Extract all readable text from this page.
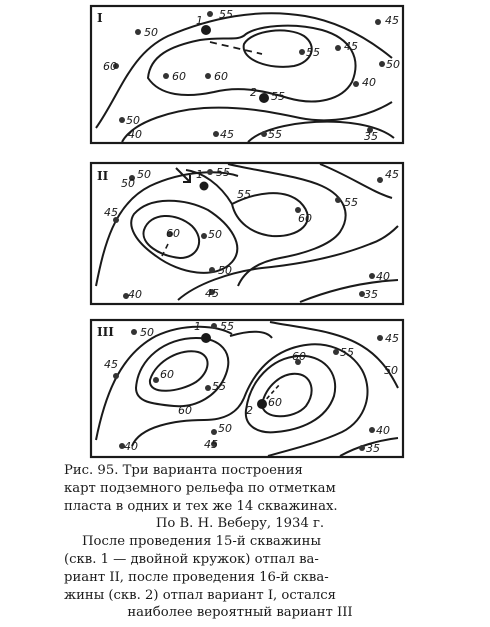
I
50
55	45
60
60
55 45
50
60
55
40
50
45	55	35
40
1
2
II	50	1 55	45
50
55
45
60
60
55
50
40	45
50
35
40
III 50	55
45
60
60	55
50
45
60
60
55
40	45
50
35
40
1
2
Рис. 95. Три варианта построения
карт подземного рельефа по отметкам
пласта в одних и тех же 14 скважинах.
По В. Н. Веберу, 1934 г.
После проведения 15-й скважины
(скв. 1 — двойной кружок) отпал ва-
риант II, после проведения 16-й сква-
жины (скв. 2) отпал вариант I, остался
наиболее вероятный вариант III
